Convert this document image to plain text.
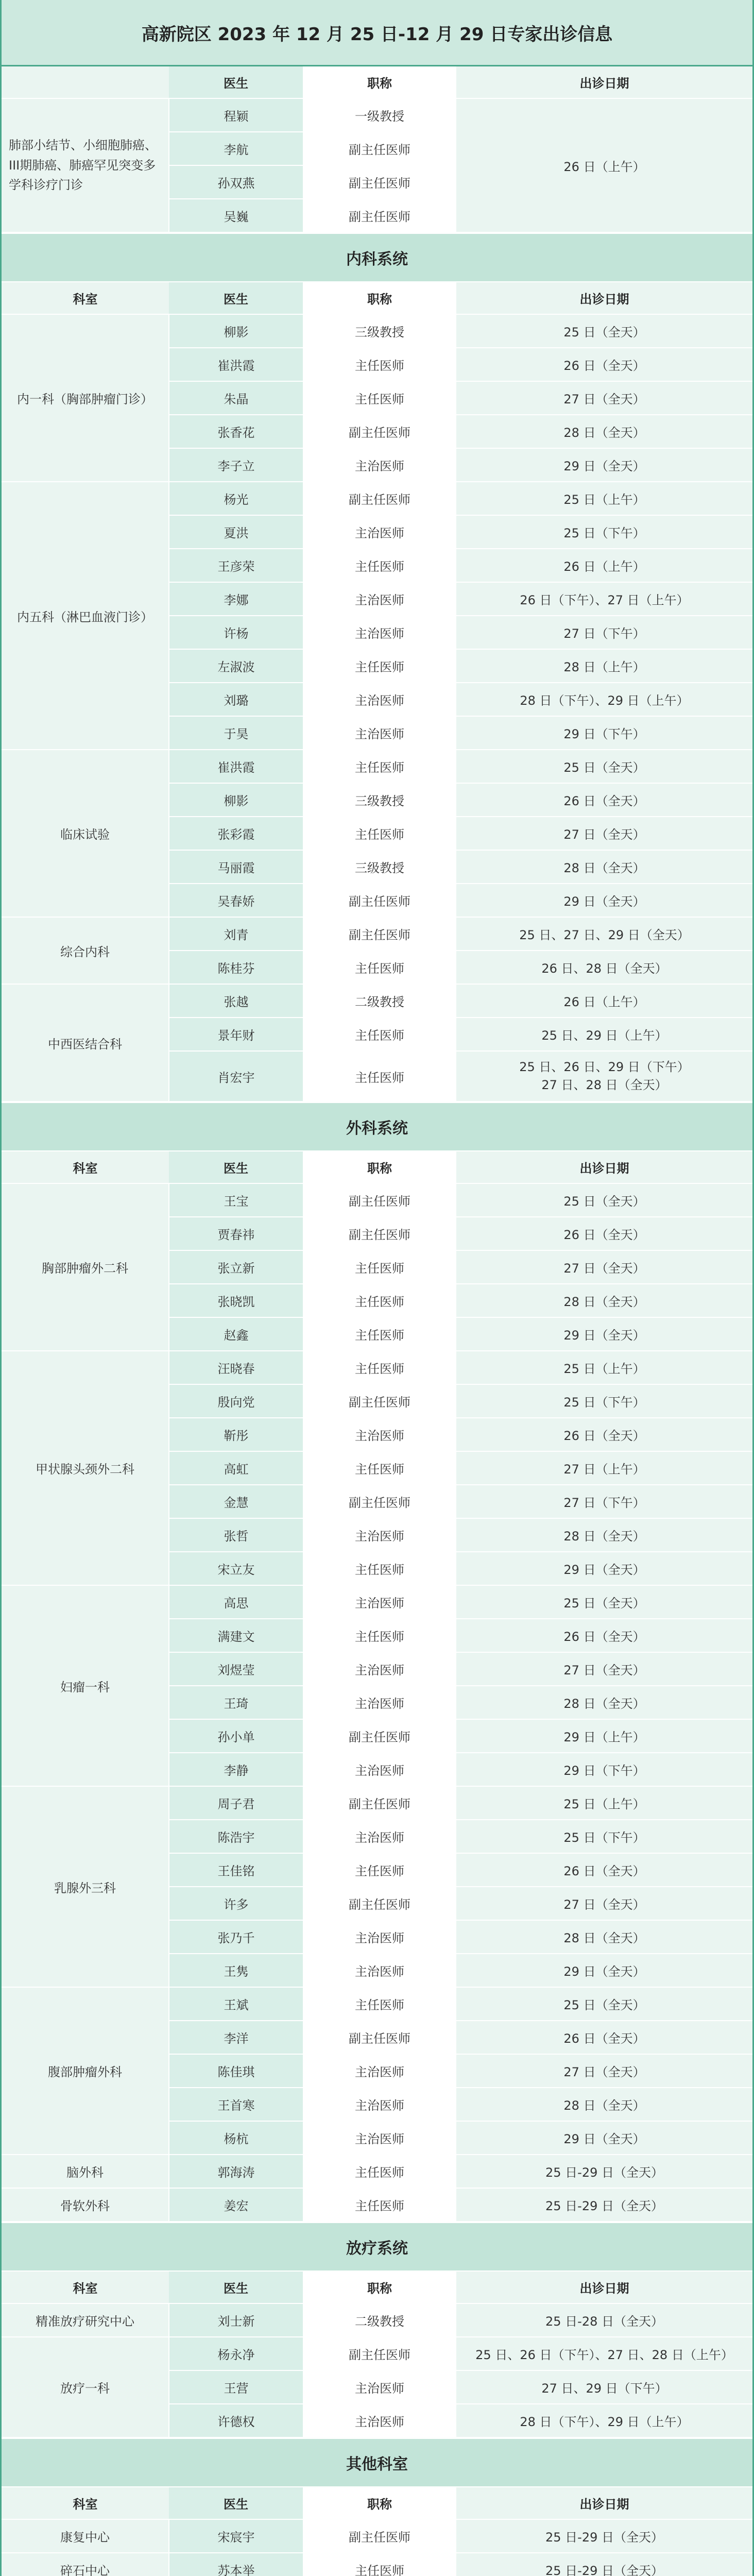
高新院区 2023 年 12 月 25 日-12 月 29 日专家出诊信息
	医生	职称	出诊日期
肺部小结节、小细胞肺癌、III期肺癌、肺癌罕见突变多学科诊疗门诊	程颖	一级教授	26 日（上午）
	李航	副主任医师	
	孙双燕	副主任医师	
	吴巍	副主任医师	
内科系统
科室	医生	职称	出诊日期
内一科（胸部肿瘤门诊）	柳影	三级教授	25 日（全天）
	崔洪霞	主任医师	26 日（全天）
	朱晶	主任医师	27 日（全天）
	张香花	副主任医师	28 日（全天）
	李子立	主治医师	29 日（全天）
内五科（淋巴血液门诊）	杨光	副主任医师	25 日（上午）
	夏洪	主治医师	25 日（下午）
	王彦荣	主任医师	26 日（上午）
	李娜	主治医师	26 日（下午）、27 日（上午）
	许杨	主治医师	27 日（下午）
	左淑波	主任医师	28 日（上午）
	刘璐	主治医师	28 日（下午）、29 日（上午）
	于昊	主治医师	29 日（下午）
临床试验	崔洪霞	主任医师	25 日（全天）
	柳影	三级教授	26 日（全天）
	张彩霞	主任医师	27 日（全天）
	马丽霞	三级教授	28 日（全天）
	吴春娇	副主任医师	29 日（全天）
综合内科	刘青	副主任医师	25 日、27 日、29 日（全天）
	陈桂芬	主任医师	26 日、28 日（全天）
中西医结合科	张越	二级教授	26 日（上午）
	景年财	主任医师	25 日、29 日（上午）
	肖宏宇	主任医师	25 日、26 日、29 日（下午）
27 日、28 日（全天）
外科系统
科室	医生	职称	出诊日期
胸部肿瘤外二科	王宝	副主任医师	25 日（全天）
	贾春祎	副主任医师	26 日（全天）
	张立新	主任医师	27 日（全天）
	张晓凯	主任医师	28 日（全天）
	赵鑫	主任医师	29 日（全天）
甲状腺头颈外二科	汪晓春	主任医师	25 日（上午）
	殷向党	副主任医师	25 日（下午）
	靳彤	主治医师	26 日（全天）
	高虹	主任医师	27 日（上午）
	金慧	副主任医师	27 日（下午）
	张哲	主治医师	28 日（全天）
	宋立友	主任医师	29 日（全天）
妇瘤一科	高思	主治医师	25 日（全天）
	满建文	主任医师	26 日（全天）
	刘煜莹	主治医师	27 日（全天）
	王琦	主治医师	28 日（全天）
	孙小单	副主任医师	29 日（上午）
	李静	主治医师	29 日（下午）
乳腺外三科	周子君	副主任医师	25 日（上午）
	陈浩宇	主治医师	25 日（下午）
	王佳铭	主任医师	26 日（全天）
	许多	副主任医师	27 日（全天）
	张乃千	主治医师	28 日（全天）
	王隽	主治医师	29 日（全天）
腹部肿瘤外科	王斌	主任医师	25 日（全天）
	李洋	副主任医师	26 日（全天）
	陈佳琪	主治医师	27 日（全天）
	王首寒	主治医师	28 日（全天）
	杨杭	主治医师	29 日（全天）
脑外科	郭海涛	主任医师	25 日-29 日（全天）
骨软外科	姜宏	主任医师	25 日-29 日（全天）
放疗系统
科室	医生	职称	出诊日期
精准放疗研究中心	刘士新	二级教授	25 日-28 日（全天）
放疗一科	杨永净	副主任医师	25 日、26 日（下午）、27 日、28 日（上午）
	王营	主治医师	27 日、29 日（下午）
	许德权	主治医师	28 日（下午）、29 日（上午）
其他科室
科室	医生	职称	出诊日期
康复中心	宋宸宇	副主任医师	25 日-29 日（全天）
碎石中心	苏本举	主任医师	25 日-29 日（全天）
